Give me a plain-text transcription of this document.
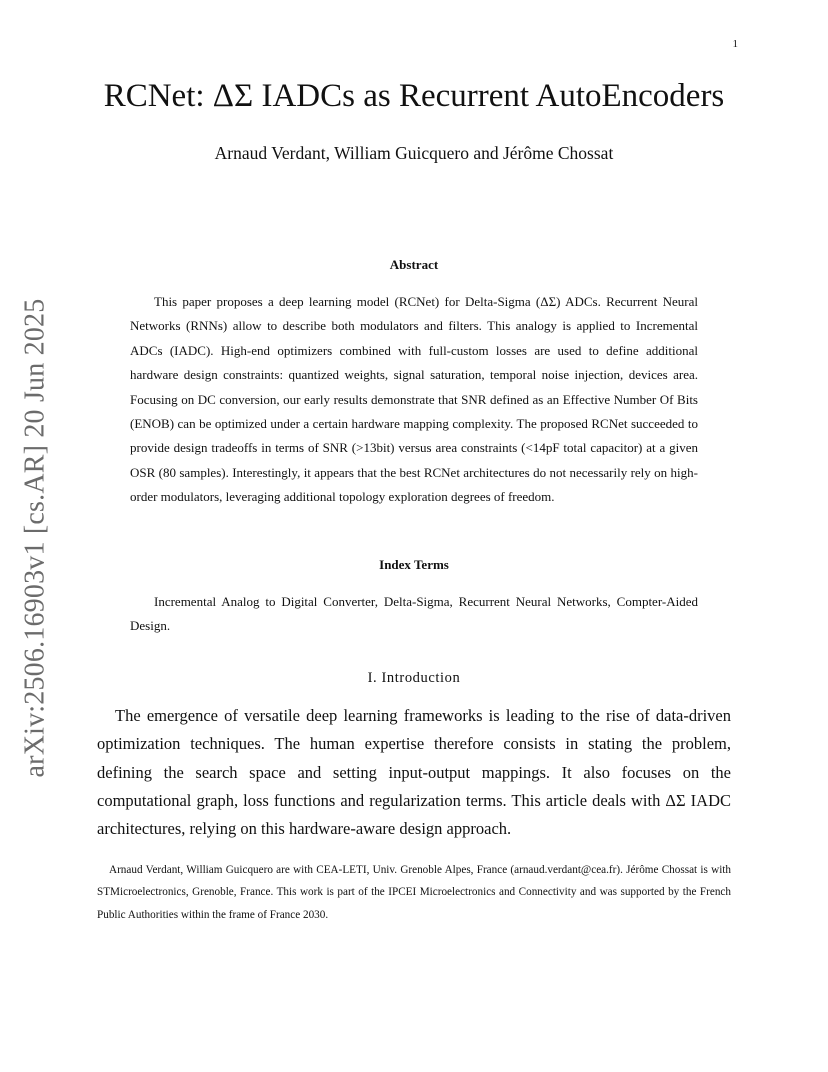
1
arXiv:2506.16903v1 [cs.AR] 20 Jun 2025
RCNet: ΔΣ IADCs as Recurrent AutoEncoders
Arnaud Verdant, William Guicquero and Jérôme Chossat
Abstract

This paper proposes a deep learning model (RCNet) for Delta-Sigma (ΔΣ) ADCs. Recurrent Neural Networks (RNNs) allow to describe both modulators and filters. This analogy is applied to Incremental ADCs (IADC). High-end optimizers combined with full-custom losses are used to define additional hardware design constraints: quantized weights, signal saturation, temporal noise injection, devices area. Focusing on DC conversion, our early results demonstrate that SNR defined as an Effective Number Of Bits (ENOB) can be optimized under a certain hardware mapping complexity. The proposed RCNet succeeded to provide design tradeoffs in terms of SNR (>13bit) versus area constraints (<14pF total capacitor) at a given OSR (80 samples). Interestingly, it appears that the best RCNet architectures do not necessarily rely on high-order modulators, leveraging additional topology exploration degrees of freedom.

Index Terms

Incremental Analog to Digital Converter, Delta-Sigma, Recurrent Neural Networks, Compter-Aided Design.

I. Introduction

The emergence of versatile deep learning frameworks is leading to the rise of data-driven optimization techniques. The human expertise therefore consists in stating the problem, defining the search space and setting input-output mappings. It also focuses on the computational graph, loss functions and regularization terms. This article deals with ΔΣ IADC architectures, relying on this hardware-aware design approach.

Arnaud Verdant, William Guicquero are with CEA-LETI, Univ. Grenoble Alpes, France (arnaud.verdant@cea.fr). Jérôme Chossat is with STMicroelectronics, Grenoble, France. This work is part of the IPCEI Microelectronics and Connectivity and was supported by the French Public Authorities within the frame of France 2030.
